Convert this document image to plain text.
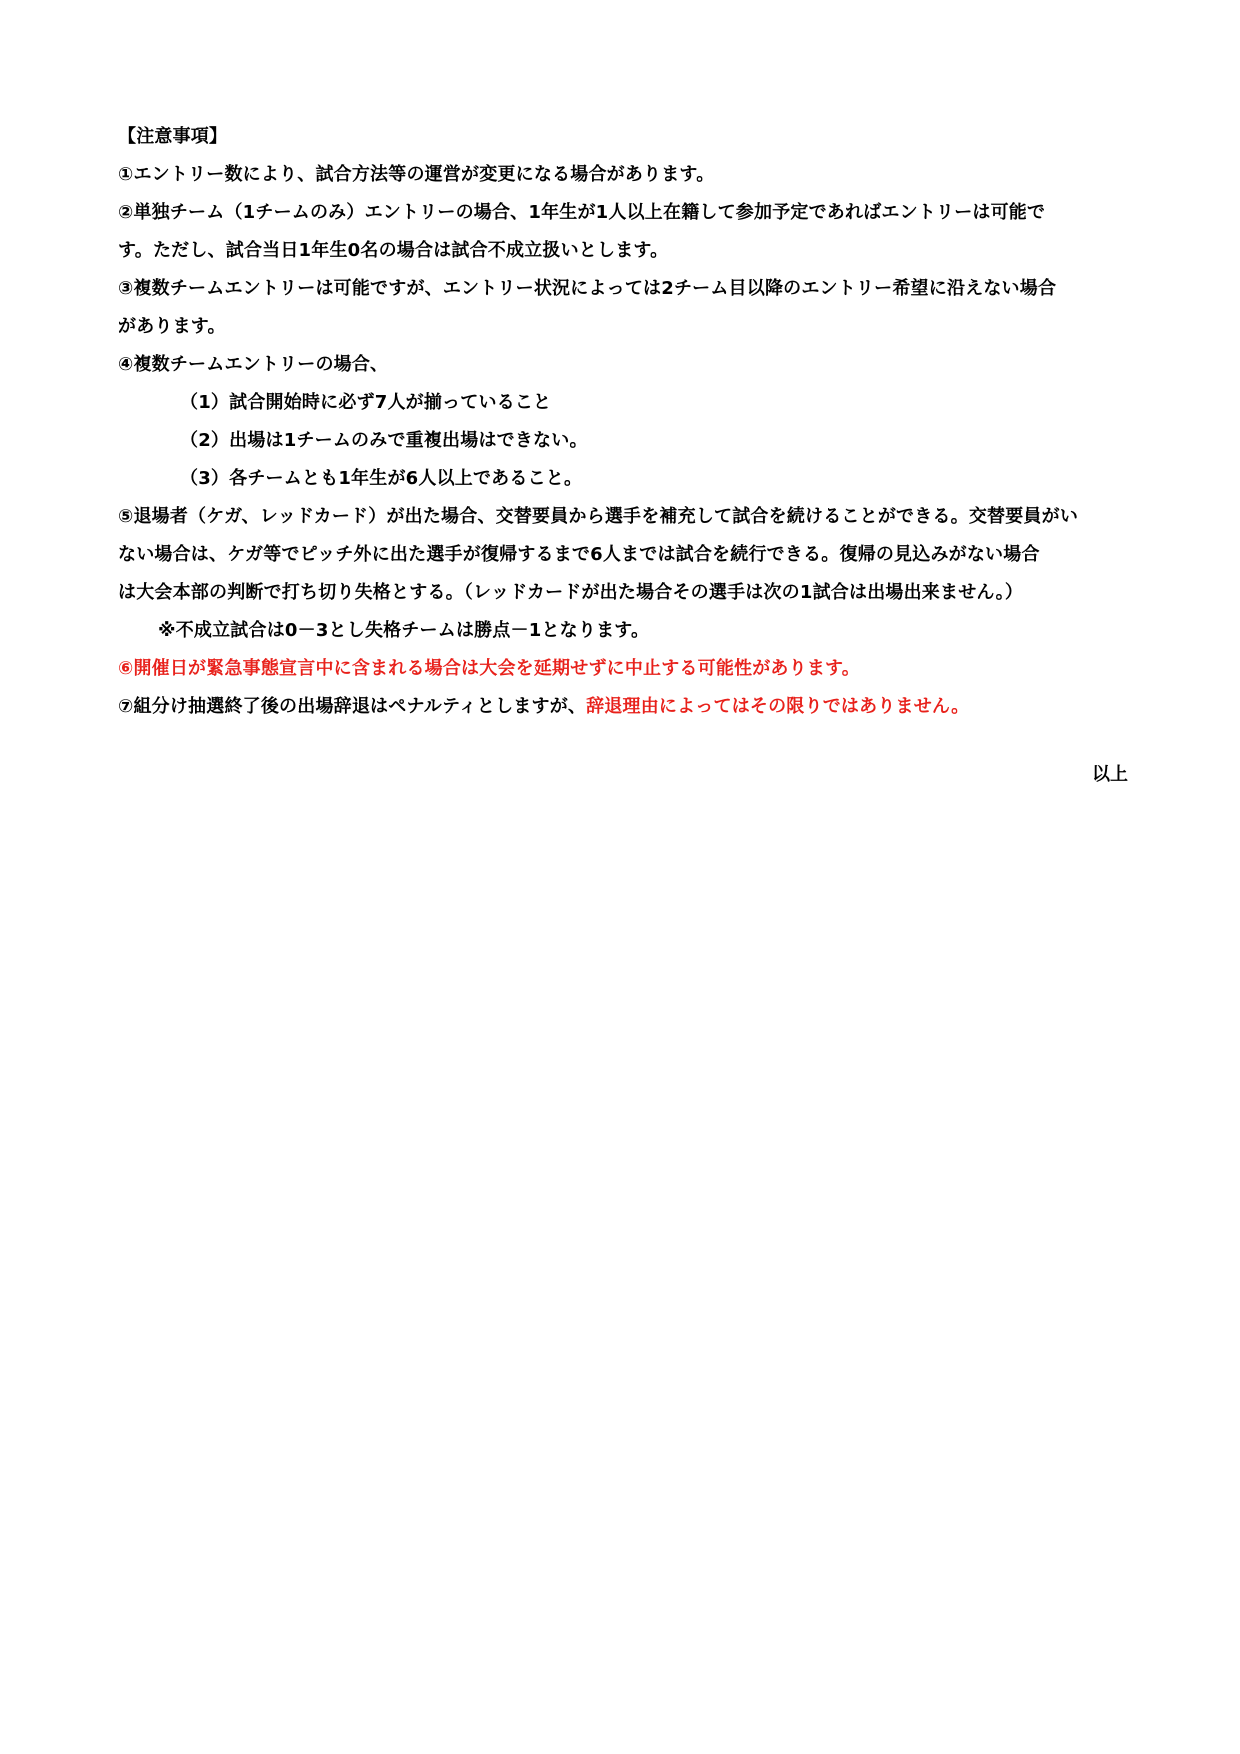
【注意事項】
①エントリー数により、試合方法等の運営が変更になる場合があります。
②単独チーム（1チームのみ）エントリーの場合、1年生が1人以上在籍して参加予定であればエントリーは可能で
す。ただし、試合当日1年生0名の場合は試合不成立扱いとします。
③複数チームエントリーは可能ですが、エントリー状況によっては2チーム目以降のエントリー希望に沿えない場合
があります。
④複数チームエントリーの場合、
（1）試合開始時に必ず7人が揃っていること
（2）出場は1チームのみで重複出場はできない。
（3）各チームとも1年生が6人以上であること。
⑤退場者（ケガ、レッドカード）が出た場合、交替要員から選手を補充して試合を続けることができる。交替要員がい
ない場合は、ケガ等でピッチ外に出た選手が復帰するまで6人までは試合を続行できる。復帰の見込みがない場合
は大会本部の判断で打ち切り失格とする。（レッドカードが出た場合その選手は次の1試合は出場出来ません。）
※不成立試合は0－3とし失格チームは勝点－1となります。
⑥開催日が緊急事態宣言中に含まれる場合は大会を延期せずに中止する可能性があります。
⑦組分け抽選終了後の出場辞退はペナルティとしますが、辞退理由によってはその限りではありません。
以上
